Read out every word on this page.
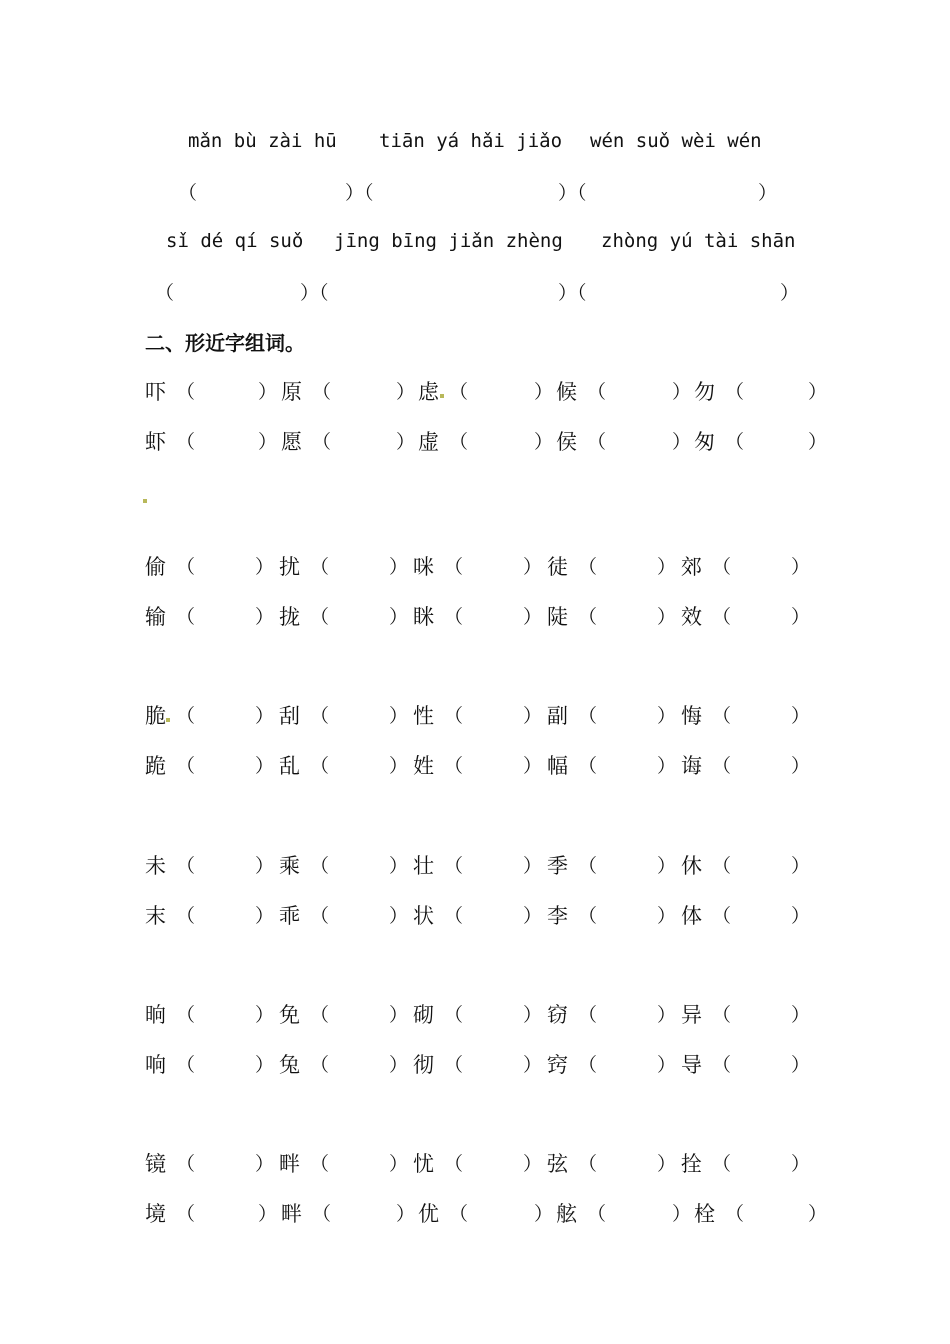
mǎn bù zài hū tiān yá hǎi jiǎo wén suǒ wèi wén
（	）（	）（	）
sǐ dé qí suǒ jīng bīng jiǎn zhèng zhòng yú tài shān
（	）（	）（	）
二、形近字组词。
吓 （	） 原 （	） 虑 （	） 候 （	） 勿 （	）
虾 （	） 愿 （	） 虚 （	） 侯 （	） 匆 （	）
偷 （	） 扰 （	） 咪 （	） 徒 （	） 郊 （	）
输 （	） 拢 （	） 眯 （	） 陡 （	） 效 （	）
脆 （	） 刮 （	） 性 （	） 副 （	） 悔 （	）
跪 （	） 乱 （	） 姓 （	） 幅 （	） 诲 （	）
未 （	） 乘 （	） 壮 （	） 季 （	） 休 （	）
末 （	） 乖 （	） 状 （	） 李 （	） 体 （	）
晌 （	） 免 （	） 砌 （	） 窃 （	） 异 （	）
响 （	） 兔 （	） 彻 （	） 窍 （	） 导 （	）
镜 （	） 畔 （	） 忧 （	） 弦 （	） 拴 （	）
境 （	） 畔 （	） 优 （	） 舷 （	） 栓 （	）
